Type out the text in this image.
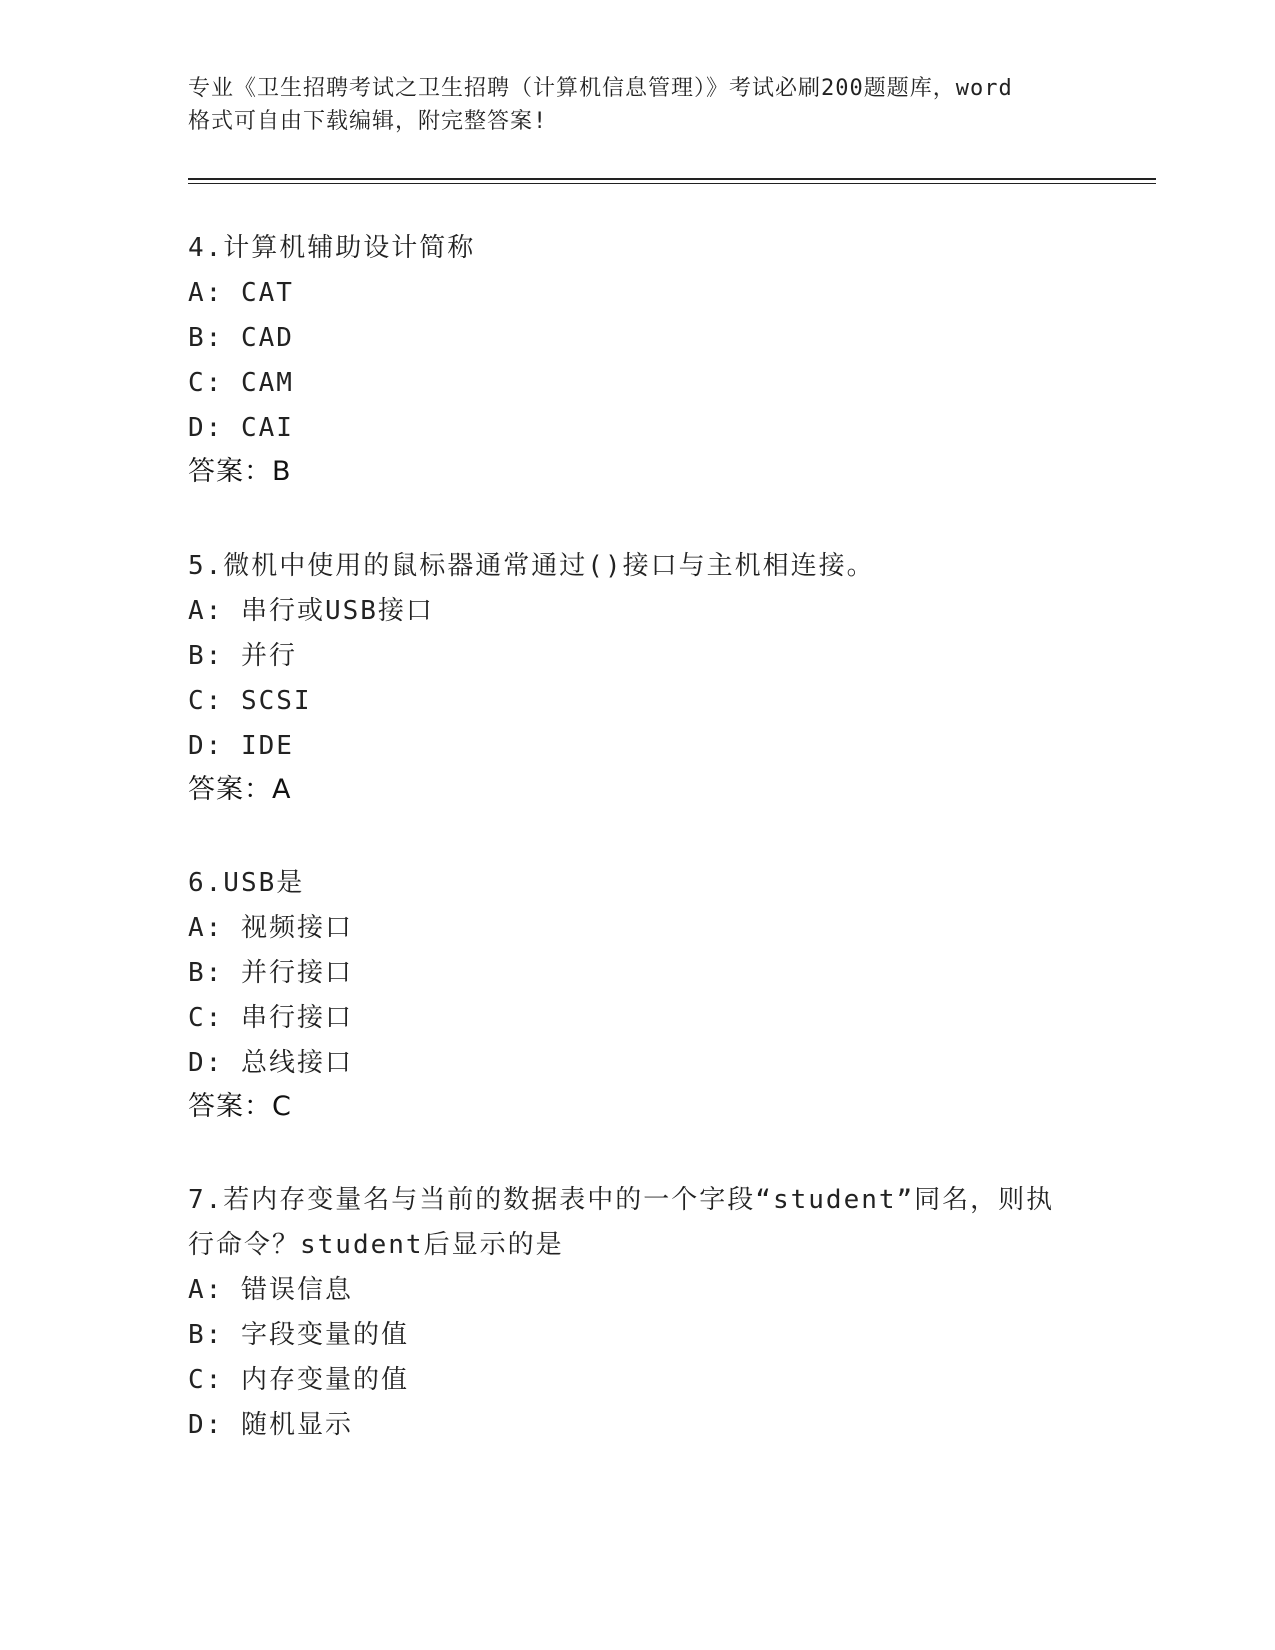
专业《卫生招聘考试之卫生招聘（计算机信息管理）》考试必刷200题题库，word
格式可自由下载编辑，附完整答案!

4.计算机辅助设计简称

A: CAT

B: CAD

C: CAM

D: CAI

答案：B

5.微机中使用的鼠标器通常通过()接口与主机相连接。

A: 串行或USB接口

B: 并行

C: SCSI

D: IDE

答案：A

6.USB是

A: 视频接口

B: 并行接口

C: 串行接口

D: 总线接口

答案：C

7.若内存变量名与当前的数据表中的一个字段“student”同名，则执

行命令？student后显示的是

A: 错误信息

B: 字段变量的值

C: 内存变量的值

D: 随机显示
